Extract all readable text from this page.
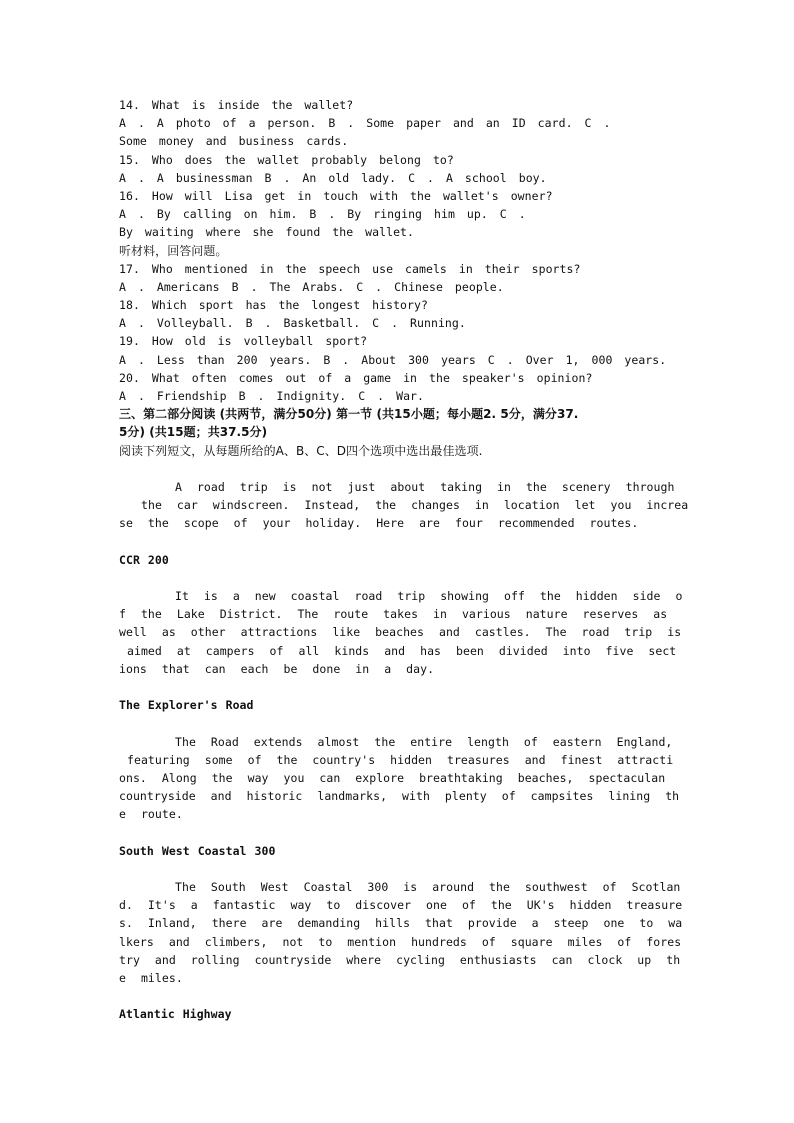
14. What is inside the wallet?
A . A photo of a person. B . Some paper and an ID card. C .
Some money and business cards.
15. Who does the wallet probably belong to?
A . A businessman B . An old lady. C . A school boy.
16. How will Lisa get in touch with the wallet's owner?
A . By calling on him. B . By ringing him up. C .
By waiting where she found the wallet.
听材料，回答问题。
17. Who mentioned in the speech use camels in their sports?
A . Americans B . The Arabs. C . Chinese people.
18. Which sport has the longest history?
A . Volleyball. B . Basketball. C . Running.
19. How old is volleyball sport?
A . Less than 200 years. B . About 300 years C . Over 1, 000 years.
20. What often comes out of a game in the speaker's opinion?
A . Friendship B . Indignity. C . War.
三、第二部分阅读 (共两节，满分50分) 第一节 (共15小题；每小题2. 5分，满分37.
5分) (共15题；共37.5分)
阅读下列短文，从每题所给的A、B、C、D四个选项中选出最佳选项.
A road trip is not just about taking in the scenery through
the car windscreen. Instead, the changes in location let you increa
se the scope of your holiday. Here are four recommended routes.
CCR 200
It is a new coastal road trip showing off the hidden side o
f the Lake District. The route takes in various nature reserves as
well as other attractions like beaches and castles. The road trip is
aimed at campers of all kinds and has been divided into five sect
ions that can each be done in a day.
The Explorer's Road
The Road extends almost the entire length of eastern England,
featuring some of the country's hidden treasures and finest attracti
ons. Along the way you can explore breathtaking beaches, spectaculan
countryside and historic landmarks, with plenty of campsites lining th
e route.
South West Coastal 300
The South West Coastal 300 is around the southwest of Scotlan
d. It's a fantastic way to discover one of the UK's hidden treasure
s. Inland, there are demanding hills that provide a steep one to wa
lkers and climbers, not to mention hundreds of square miles of fores
try and rolling countryside where cycling enthusiasts can clock up th
e miles.
Atlantic Highway
